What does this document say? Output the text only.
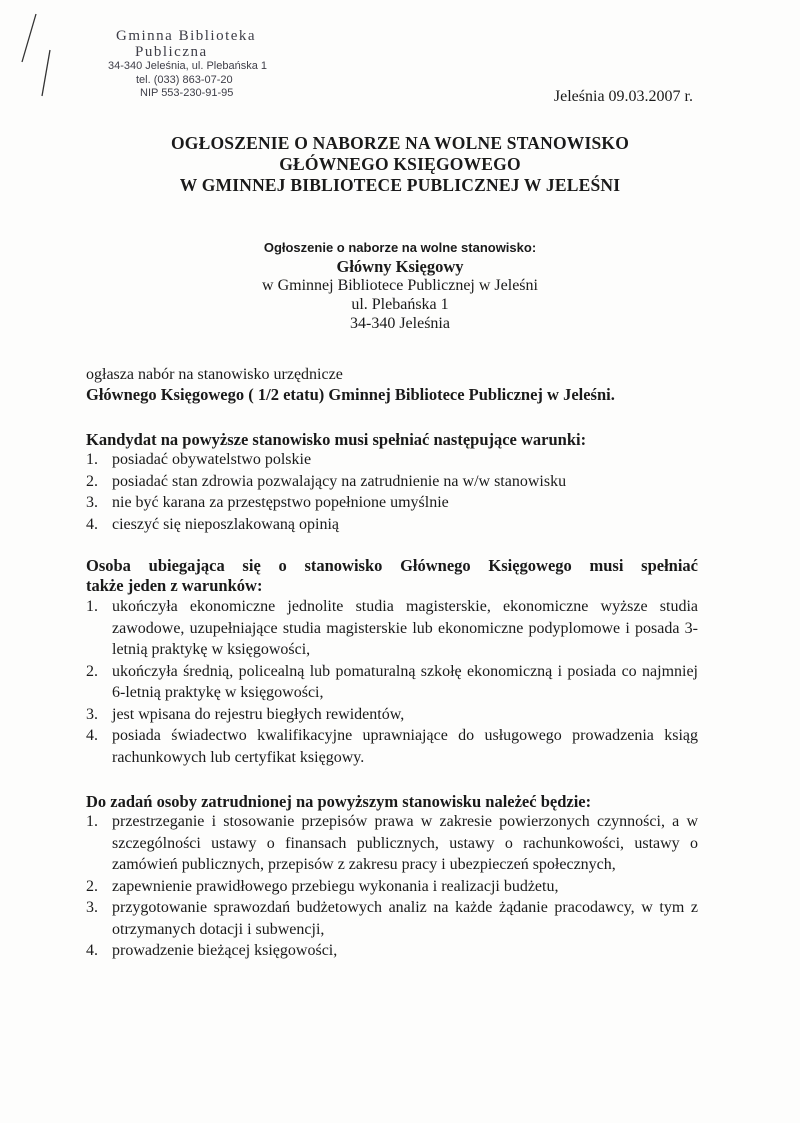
Gminna Biblioteka
Publiczna
34-340 Jeleśnia, ul. Plebańska 1
tel. (033) 863-07-20
NIP 553-230-91-95	Jeleśnia 09.03.2007 r.
OGŁOSZENIE O NABORZE NA WOLNE STANOWISKO
GŁÓWNEGO KSIĘGOWEGO
W GMINNEJ BIBLIOTECE PUBLICZNEJ W JELEŚNI
Ogłoszenie o naborze na wolne stanowisko:
Główny Księgowy
w Gminnej Bibliotece Publicznej w Jeleśni
ul. Plebańska 1
34-340 Jeleśnia
ogłasza nabór na stanowisko urzędnicze
Głównego Księgowego ( 1/2 etatu) Gminnej Bibliotece Publicznej w Jeleśni.
Kandydat na powyższe stanowisko musi spełniać następujące warunki:
1. posiadać obywatelstwo polskie
2. posiadać stan zdrowia pozwalający na zatrudnienie na w/w stanowisku
3. nie być karana za przestępstwo popełnione umyślnie
4. cieszyć się nieposzlakowaną opinią
Osoba ubiegająca się o stanowisko Głównego Księgowego musi spełniać
także jeden z warunków:
1. ukończyła ekonomiczne jednolite studia magisterskie, ekonomiczne wyższe studia zawodowe, uzupełniające studia magisterskie lub ekonomiczne podyplomowe i posada 3-letnią praktykę w księgowości,
2. ukończyła średnią, policealną lub pomaturalną szkołę ekonomiczną i posiada co najmniej 6-letnią praktykę w księgowości,
3. jest wpisana do rejestru biegłych rewidentów,
4. posiada świadectwo kwalifikacyjne uprawniające do usługowego prowadzenia ksiąg rachunkowych lub certyfikat księgowy.
Do zadań osoby zatrudnionej na powyższym stanowisku należeć będzie:
1. przestrzeganie i stosowanie przepisów prawa w zakresie powierzonych czynności, a w szczególności ustawy o finansach publicznych, ustawy o rachunkowości, ustawy o zamówień publicznych, przepisów z zakresu pracy i ubezpieczeń społecznych,
2. zapewnienie prawidłowego przebiegu wykonania i realizacji budżetu,
3. przygotowanie sprawozdań budżetowych analiz na każde żądanie pracodawcy, w tym z otrzymanych dotacji i subwencji,
4. prowadzenie bieżącej księgowości,
